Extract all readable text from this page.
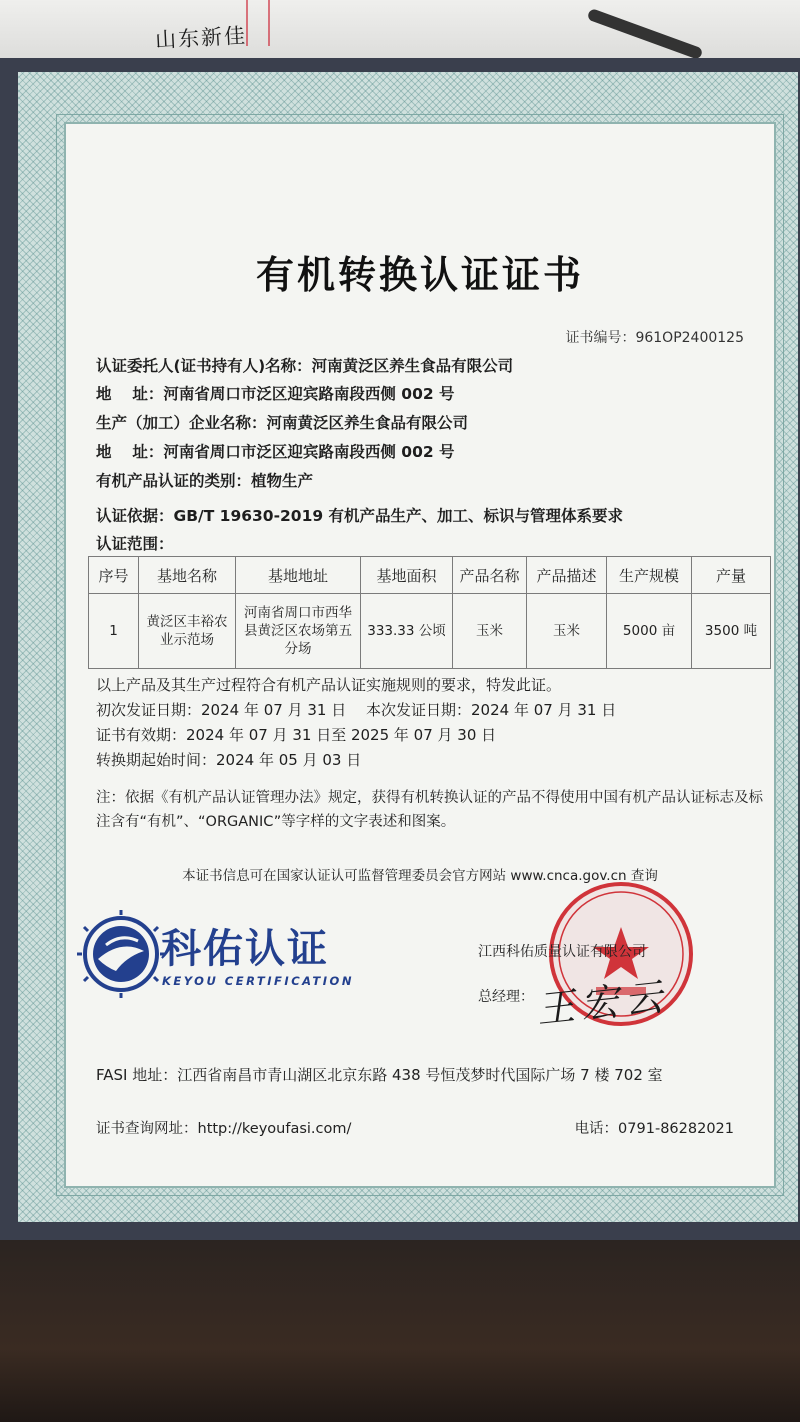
山东新佳
有机转换认证证书
证书编号：961OP2400125
认证委托人(证书持有人)名称：河南黄泛区养生食品有限公司
地　 址：河南省周口市泛区迎宾路南段西侧 002 号
生产（加工）企业名称：河南黄泛区养生食品有限公司
地　 址：河南省周口市泛区迎宾路南段西侧 002 号
有机产品认证的类别：植物生产
认证依据：GB/T 19630-2019 有机产品生产、加工、标识与管理体系要求
认证范围：
序号	基地名称	基地地址	基地面积	产品名称	产品描述	生产规模	产量
1	黄泛区丰裕农业示范场	河南省周口市西华县黄泛区农场第五分场	333.33 公顷	玉米	玉米	5000 亩	3500 吨
以上产品及其生产过程符合有机产品认证实施规则的要求，特发此证。
初次发证日期：2024 年 07 月 31 日 本次发证日期：2024 年 07 月 31 日
证书有效期：2024 年 07 月 31 日至 2025 年 07 月 30 日
转换期起始时间：2024 年 05 月 03 日
注：依据《有机产品认证管理办法》规定，获得有机转换认证的产品不得使用中国有机产品认证标志及标注含有“有机”、“ORGANIC”等字样的文字表述和图案。
本证书信息可在国家认证认可监督管理委员会官方网站 www.cnca.gov.cn 查询
科佑认证
KEYOU CERTIFICATION
江西科佑质量认证有限公司
总经理： 王宏云
FASI 地址：江西省南昌市青山湖区北京东路 438 号恒茂梦时代国际广场 7 楼 702 室
证书查询网址：http://keyoufasi.com/	电话：0791-86282021
